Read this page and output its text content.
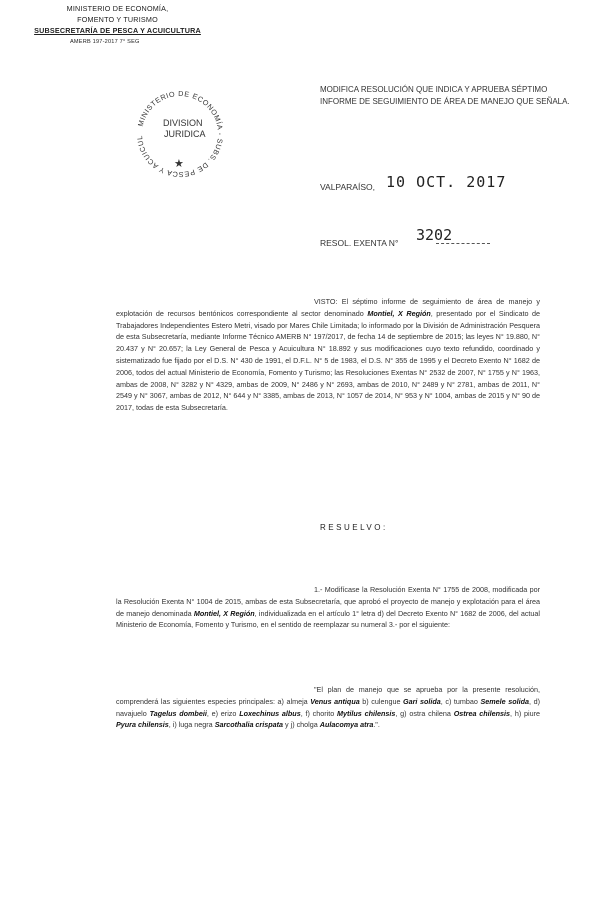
MINISTERIO DE ECONOMÍA,
FOMENTO Y TURISMO
SUBSECRETARÍA DE PESCA Y ACUICULTURA
AMERB 197-2017 7° SEG
MINISTERIO DE ECONOMÍA - SUBS. DE PESCA Y ACUICUL
DIVISION
JURIDICA
★
MODIFICA RESOLUCIÓN QUE INDICA Y APRUEBA SÉPTIMO INFORME DE SEGUIMIENTO DE ÁREA DE MANEJO QUE SEÑALA.
VALPARAÍSO, 10 OCT. 2017
RESOL. EXENTA N° 3202
VISTO: El séptimo informe de seguimiento de área de manejo y explotación de recursos bentónicos correspondiente al sector denominado Montiel, X Región, presentado por el Sindicato de Trabajadores Independientes Estero Metri, visado por Mares Chile Limitada; lo informado por la División de Administración Pesquera de esta Subsecretaría, mediante Informe Técnico AMERB N° 197/2017, de fecha 14 de septiembre de 2015; las leyes N° 19.880, N° 20.437 y N° 20.657; la Ley General de Pesca y Acuicultura N° 18.892 y sus modificaciones cuyo texto refundido, coordinado y sistematizado fue fijado por el D.S. N° 430 de 1991, el D.F.L. N° 5 de 1983, el D.S. N° 355 de 1995 y el Decreto Exento N° 1682 de 2006, todos del actual Ministerio de Economía, Fomento y Turismo; las Resoluciones Exentas N° 2532 de 2007, N° 1755 y N° 1963, ambas de 2008, N° 3282 y N° 4329, ambas de 2009, N° 2486 y N° 2693, ambas de 2010, N° 2489 y N° 2781, ambas de 2011, N° 2549 y N° 3067, ambas de 2012, N° 644 y N° 3385, ambas de 2013, N° 1057 de 2014, N° 953 y N° 1004, ambas de 2015 y N° 90 de 2017, todas de esta Subsecretaría.
RESUELVO:
1.- Modifícase la Resolución Exenta N° 1755 de 2008, modificada por la Resolución Exenta N° 1004 de 2015, ambas de esta Subsecretaría, que aprobó el proyecto de manejo y explotación para el área de manejo denominada Montiel, X Región, individualizada en el artículo 1° letra d) del Decreto Exento N° 1682 de 2006, del actual Ministerio de Economía, Fomento y Turismo, en el sentido de reemplazar su numeral 3.- por el siguiente:
"El plan de manejo que se aprueba por la presente resolución, comprenderá las siguientes especies principales: a) almeja Venus antiqua b) culengue Gari solida, c) tumbao Semele solida, d) navajuelo Tagelus dombeii, e) erizo Loxechinus albus, f) chorito Mytilus chilensis, g) ostra chilena Ostrea chilensis, h) piure Pyura chilensis, i) luga negra Sarcothalia crispata y j) cholga Aulacomya atra.".
